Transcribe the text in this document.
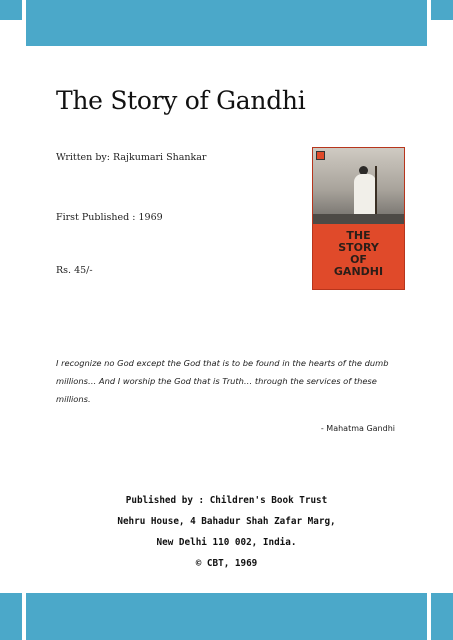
The Story of Gandhi

Written by: Rajkumari Shankar

First Published : 1969

Rs. 45/-

THE
STORY
OF
GANDHI

I recognize no God except the God that is to be found in the hearts of the dumb millions… And I worship the God that is Truth… through the services of these millions.

- Mahatma Gandhi

Published by : Children's Book Trust
Nehru House, 4 Bahadur Shah Zafar Marg,
New Delhi 110 002, India.
© CBT, 1969
